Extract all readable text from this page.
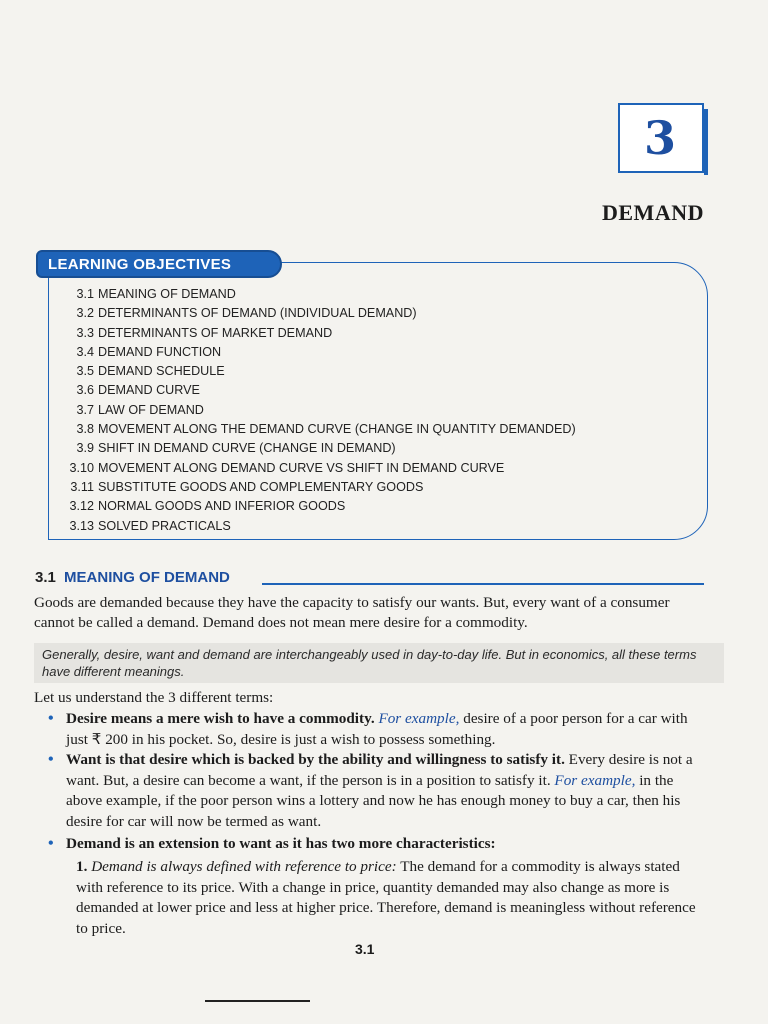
3
DEMAND
LEARNING OBJECTIVES
3.1 MEANING OF DEMAND
3.2 DETERMINANTS OF DEMAND (INDIVIDUAL DEMAND)
3.3 DETERMINANTS OF MARKET DEMAND
3.4 DEMAND FUNCTION
3.5 DEMAND SCHEDULE
3.6 DEMAND CURVE
3.7 LAW OF DEMAND
3.8 MOVEMENT ALONG THE DEMAND CURVE (CHANGE IN QUANTITY DEMANDED)
3.9 SHIFT IN DEMAND CURVE (CHANGE IN DEMAND)
3.10 MOVEMENT ALONG DEMAND CURVE VS SHIFT IN DEMAND CURVE
3.11 SUBSTITUTE GOODS AND COMPLEMENTARY GOODS
3.12 NORMAL GOODS AND INFERIOR GOODS
3.13 SOLVED PRACTICALS
3.1 MEANING OF DEMAND
Goods are demanded because they have the capacity to satisfy our wants. But, every want of a consumer cannot be called a demand. Demand does not mean mere desire for a commodity.
Generally, desire, want and demand are interchangeably used in day-to-day life. But in economics, all these terms have different meanings.
Let us understand the 3 different terms:
• Desire means a mere wish to have a commodity. For example, desire of a poor person for a car with just ₹ 200 in his pocket. So, desire is just a wish to possess something.
• Want is that desire which is backed by the ability and willingness to satisfy it. Every desire is not a want. But, a desire can become a want, if the person is in a position to satisfy it. For example, in the above example, if the poor person wins a lottery and now he has enough money to buy a car, then his desire for car will now be termed as want.
• Demand is an extension to want as it has two more characteristics:
1. Demand is always defined with reference to price: The demand for a commodity is always stated with reference to its price. With a change in price, quantity demanded may also change as more is demanded at lower price and less at higher price. Therefore, demand is meaningless without reference to price.
3.1
